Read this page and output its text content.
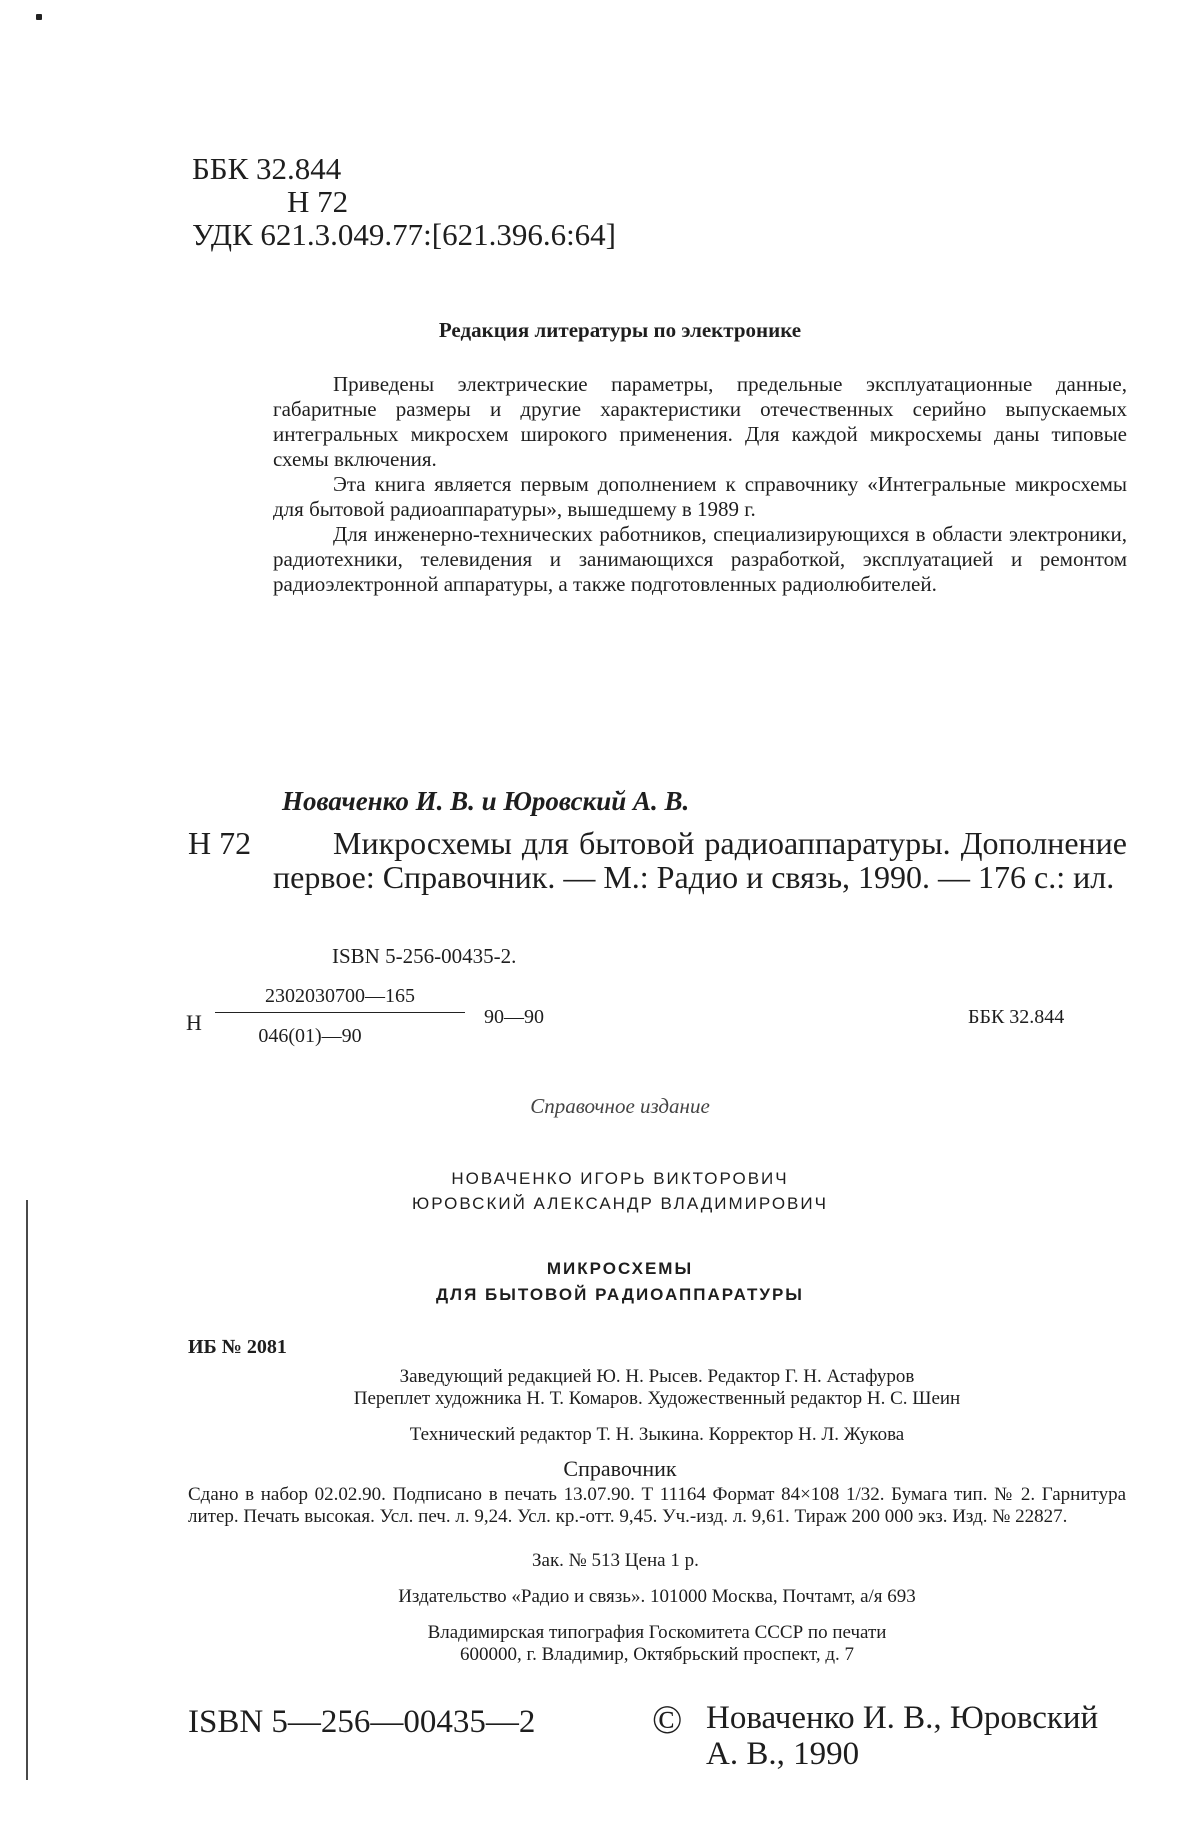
ББК 32.844
Н 72
УДК 621.3.049.77:[621.396.6:64]
Редакция литературы по электронике

Приведены электрические параметры, предельные эксплуатационные данные, габаритные размеры и другие характеристики отечественных серийно выпускаемых интегральных микросхем широкого применения. Для каждой микросхемы даны типовые схемы включения.

Эта книга является первым дополнением к справочнику «Интегральные микросхемы для бытовой радиоаппаратуры», вышедшему в 1989 г.

Для инженерно-технических работников, специализирующихся в области электроники, радиотехники, телевидения и занимающихся разработкой, эксплуатацией и ремонтом радиоэлектронной аппаратуры, а также подготовленных радиолюбителей.

Новаченко И. В. и Юровский А. В.
Н 72	Микросхемы для бытовой радиоаппаратуры. Дополнение первое: Справочник. — М.: Радио и связь, 1990. — 176 с.: ил.
ISBN 5-256-00435-2.
Н
2302030700—165
046(01)—90
90—90	ББК 32.844
Справочное издание
НОВАЧЕНКО ИГОРЬ ВИКТОРОВИЧ
ЮРОВСКИЙ АЛЕКСАНДР ВЛАДИМИРОВИЧ
МИКРОСХЕМЫ
ДЛЯ БЫТОВОЙ РАДИОАППАРАТУРЫ
ИБ № 2081
Заведующий редакцией Ю. Н. Рысев. Редактор Г. Н. Астафуров
Переплет художника Н. Т. Комаров. Художественный редактор Н. С. Шеин
Технический редактор Т. Н. Зыкина. Корректор Н. Л. Жукова
Справочник
Сдано в набор 02.02.90. Подписано в печать 13.07.90. Т 11164 Формат 84×108 1/32. Бумага тип. № 2. Гарнитура литер. Печать высокая. Усл. печ. л. 9,24. Усл. кр.-отт. 9,45. Уч.-изд. л. 9,61. Тираж 200 000 экз. Изд. № 22827.
Зак. № 513 Цена 1 р.
Издательство «Радио и связь». 101000 Москва, Почтамт, а/я 693
Владимирская типография Госкомитета СССР по печати
600000, г. Владимир, Октябрьский проспект, д. 7
ISBN 5—256—00435—2	© Новаченко И. В., Юровский А. В., 1990
